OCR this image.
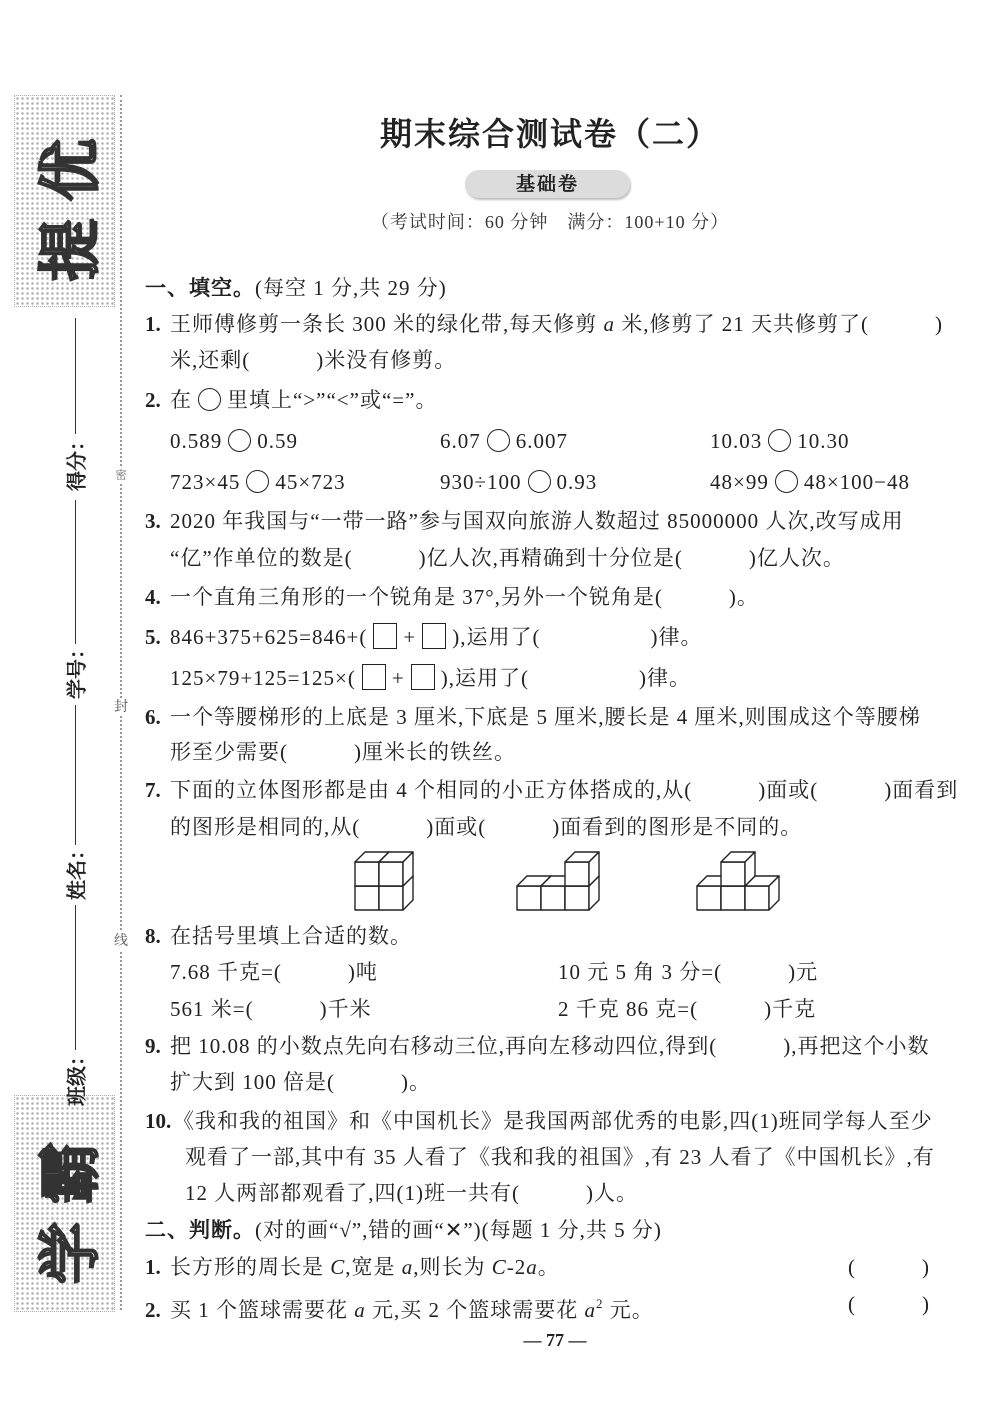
提优
学霸
得分：
学号：
姓名：
班级：
密
封
线
期末综合测试卷（二）
基础卷
（考试时间：60 分钟　满分：100+10 分）
一、填空。(每空 1 分,共 29 分)
1. 王师傅修剪一条长 300 米的绿化带,每天修剪 a 米,修剪了 21 天共修剪了(　　　)
米,还剩(　　　)米没有修剪。
2. 在 里填上“>”“<”或“=”。
0.589 0.59	6.07 6.007	10.03 10.30
723×45 45×723	930÷100 0.93	48×99 48×100−48
3. 2020 年我国与“一带一路”参与国双向旅游人数超过 85000000 人次,改写成用
“亿”作单位的数是(　　　)亿人次,再精确到十分位是(　　　)亿人次。
4. 一个直角三角形的一个锐角是 37°,另外一个锐角是(　　　)。
5. 846+375+625=846+( + ),运用了(　　　　　)律。
125×79+125=125×( + ),运用了(　　　　　)律。
6. 一个等腰梯形的上底是 3 厘米,下底是 5 厘米,腰长是 4 厘米,则围成这个等腰梯
形至少需要(　　　)厘米长的铁丝。
7. 下面的立体图形都是由 4 个相同的小正方体搭成的,从(　　　)面或(　　　)面看到
的图形是相同的,从(　　　)面或(　　　)面看到的图形是不同的。
8. 在括号里填上合适的数。
7.68 千克=(　　　)吨	10 元 5 角 3 分=(　　　)元
561 米=(　　　)千米	2 千克 86 克=(　　　)千克
9. 把 10.08 的小数点先向右移动三位,再向左移动四位,得到(　　　),再把这个小数
扩大到 100 倍是(　　　)。
10.《我和我的祖国》和《中国机长》是我国两部优秀的电影,四(1)班同学每人至少
观看了一部,其中有 35 人看了《我和我的祖国》,有 23 人看了《中国机长》,有
12 人两部都观看了,四(1)班一共有(　　　)人。
二、判断。(对的画“√”,错的画“✕”)(每题 1 分,共 5 分)
1. 长方形的周长是 C,宽是 a,则长为 C-2a。	(　　　)
2. 买 1 个篮球需要花 a 元,买 2 个篮球需要花 $a^2$ 元。	(　　　)
— 77 —
